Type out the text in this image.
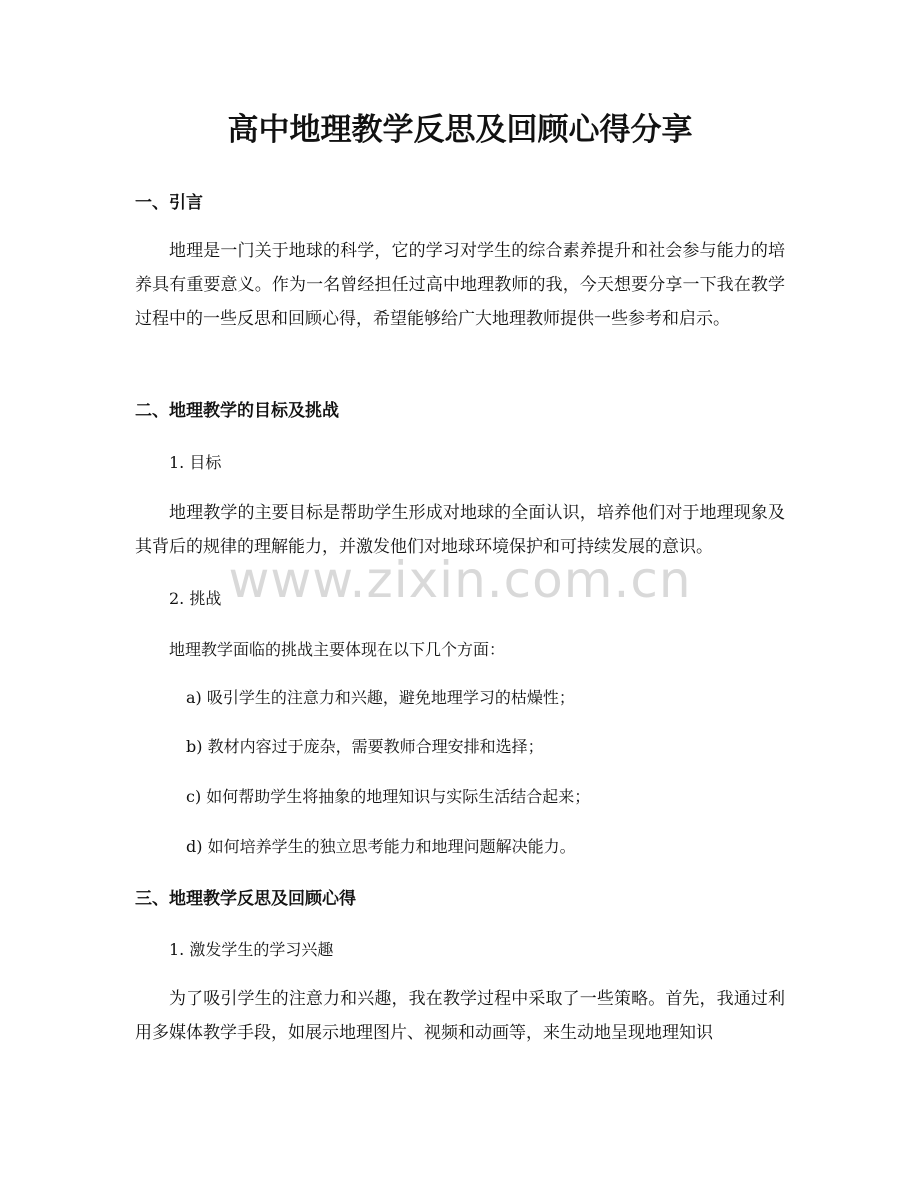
高中地理教学反思及回顾心得分享
一、引言
地理是一门关于地球的科学，它的学习对学生的综合素养提升和社会参与能力的培养具有重要意义。作为一名曾经担任过高中地理教师的我，今天想要分享一下我在教学过程中的一些反思和回顾心得，希望能够给广大地理教师提供一些参考和启示。
二、地理教学的目标及挑战
1. 目标
地理教学的主要目标是帮助学生形成对地球的全面认识，培养他们对于地理现象及其背后的规律的理解能力，并激发他们对地球环境保护和可持续发展的意识。
www.zixin.com.cn
2. 挑战
地理教学面临的挑战主要体现在以下几个方面：
a) 吸引学生的注意力和兴趣，避免地理学习的枯燥性；
b) 教材内容过于庞杂，需要教师合理安排和选择；
c) 如何帮助学生将抽象的地理知识与实际生活结合起来；
d) 如何培养学生的独立思考能力和地理问题解决能力。
三、地理教学反思及回顾心得
1. 激发学生的学习兴趣
为了吸引学生的注意力和兴趣，我在教学过程中采取了一些策略。首先，我通过利用多媒体教学手段，如展示地理图片、视频和动画等，来生动地呈现地理知识
